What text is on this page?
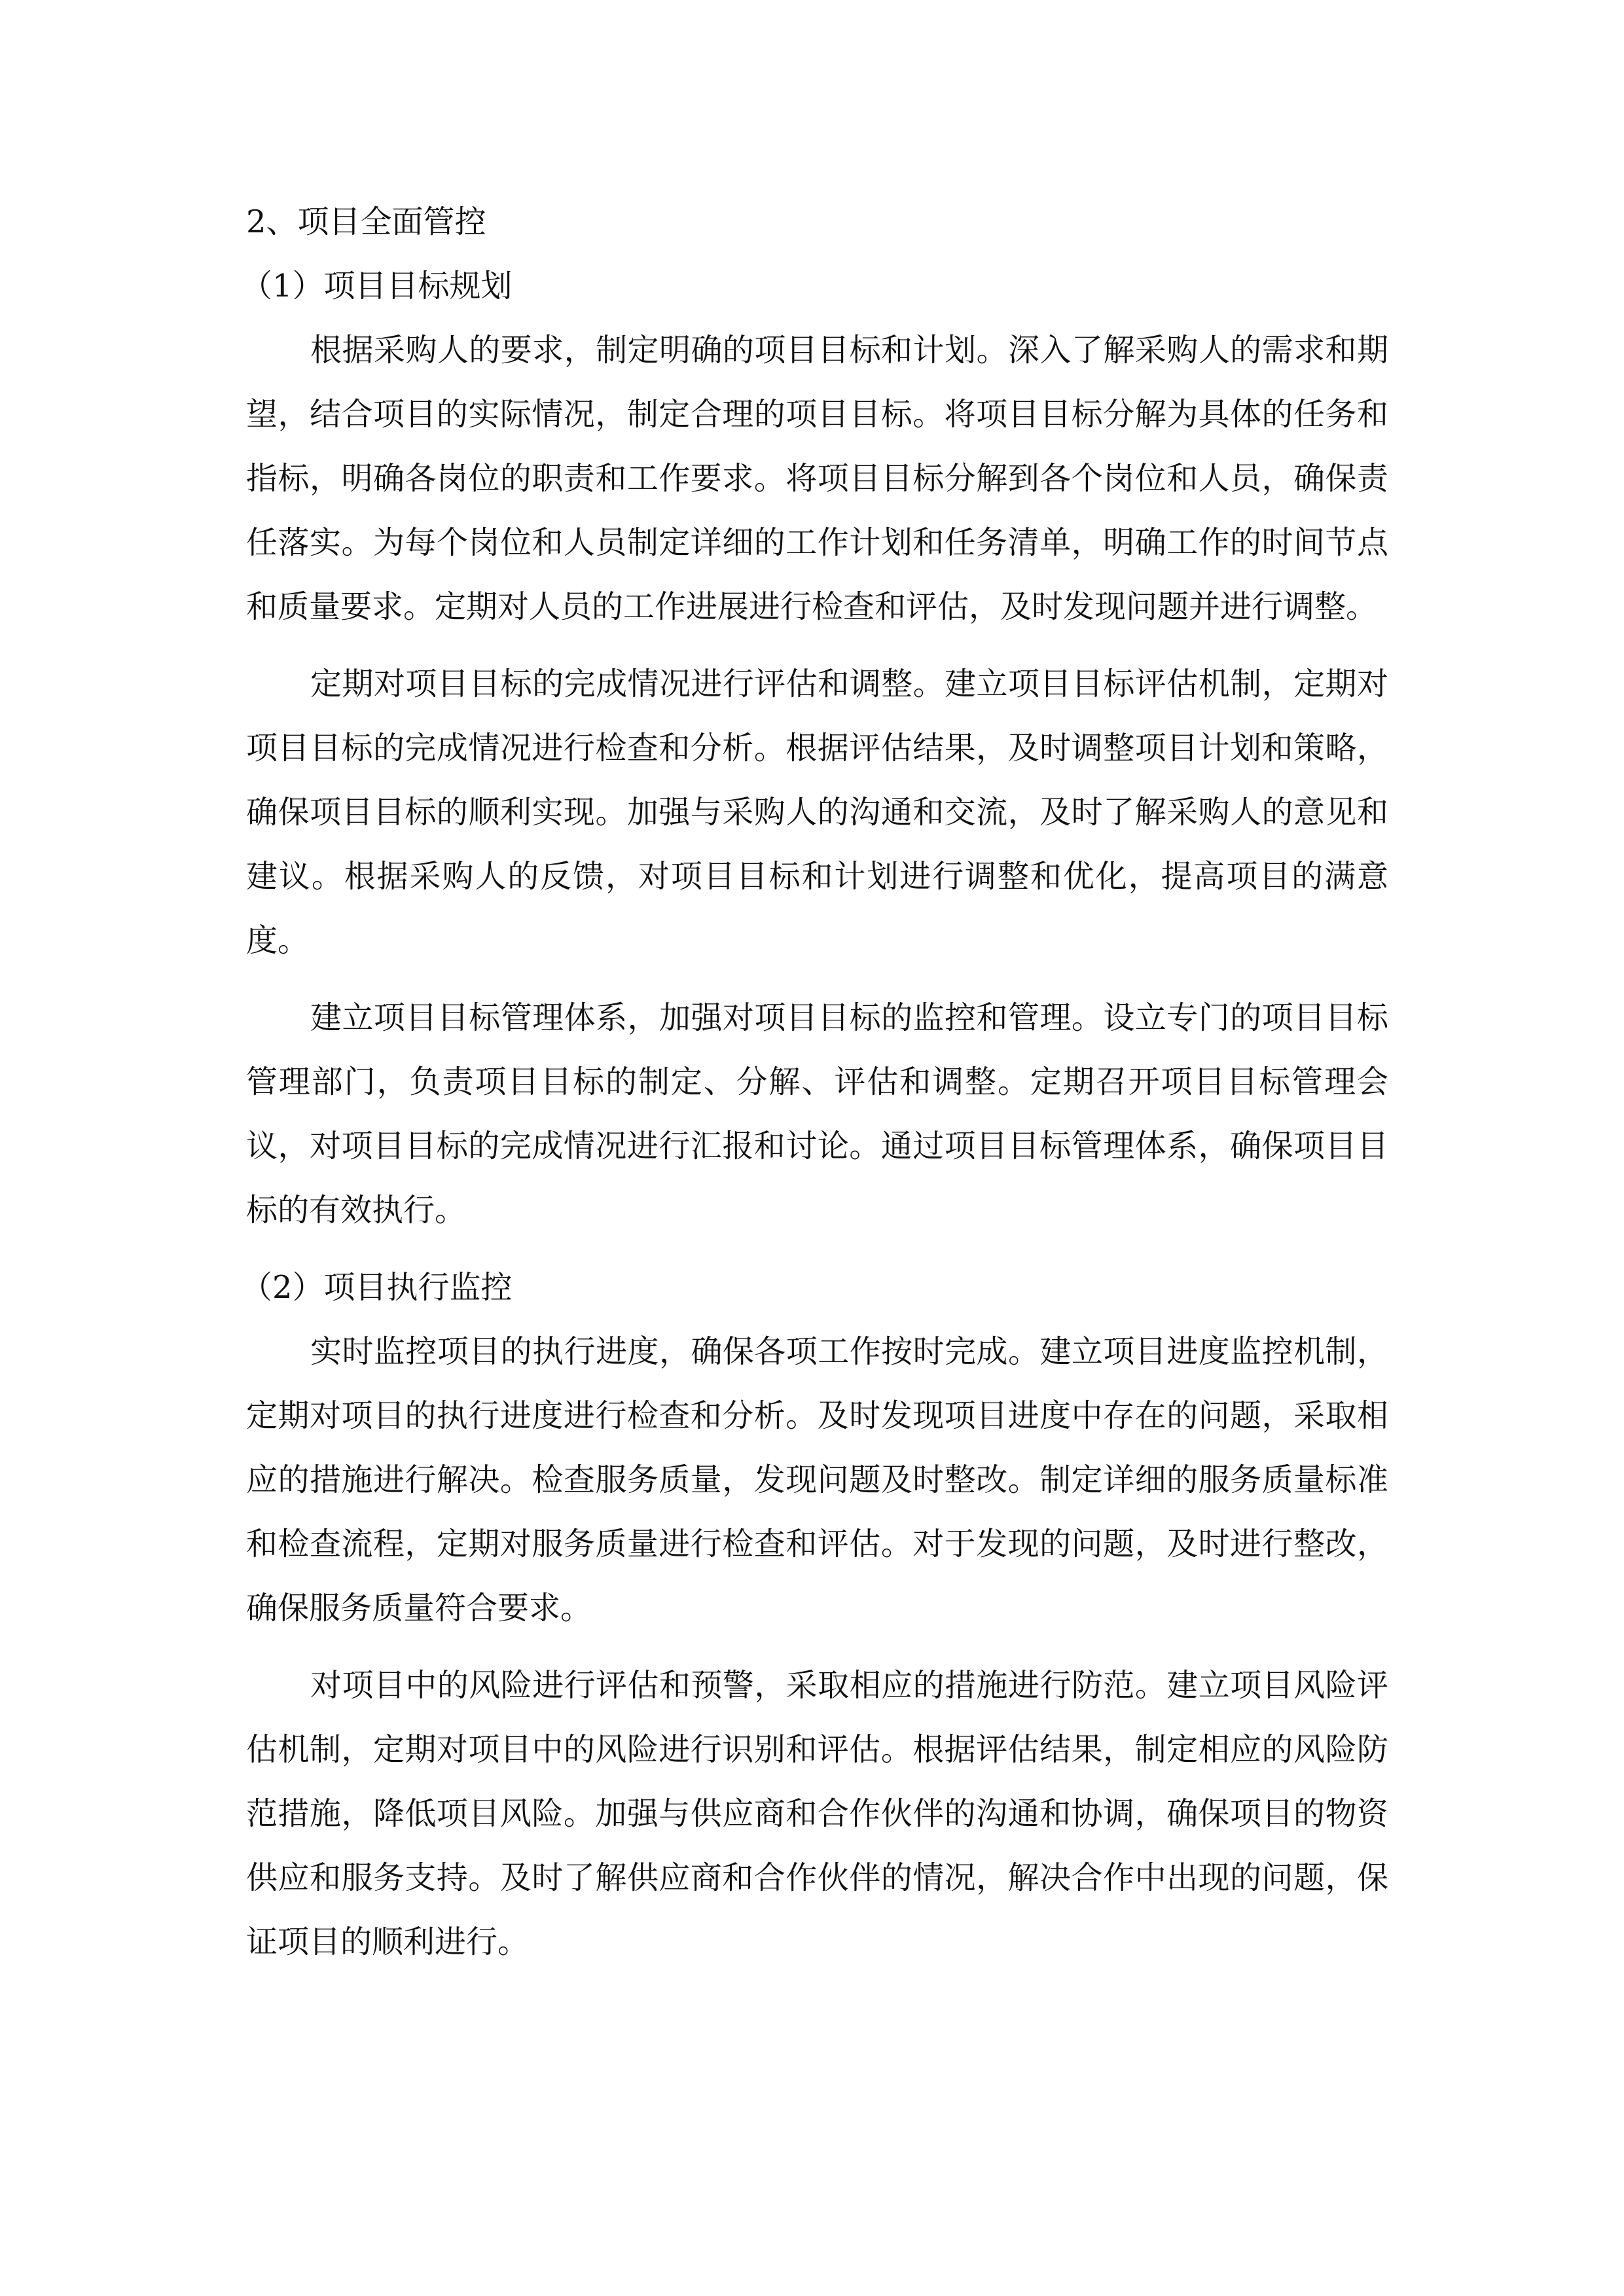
2、项目全面管控

（1）项目目标规划

根据采购人的要求，制定明确的项目目标和计划。深入了解采购人的需求和期望，结合项目的实际情况，制定合理的项目目标。将项目目标分解为具体的任务和指标，明确各岗位的职责和工作要求。将项目目标分解到各个岗位和人员，确保责任落实。为每个岗位和人员制定详细的工作计划和任务清单，明确工作的时间节点和质量要求。定期对人员的工作进展进行检查和评估，及时发现问题并进行调整。

定期对项目目标的完成情况进行评估和调整。建立项目目标评估机制，定期对项目目标的完成情况进行检查和分析。根据评估结果，及时调整项目计划和策略，确保项目目标的顺利实现。加强与采购人的沟通和交流，及时了解采购人的意见和建议。根据采购人的反馈，对项目目标和计划进行调整和优化，提高项目的满意度。

建立项目目标管理体系，加强对项目目标的监控和管理。设立专门的项目目标管理部门，负责项目目标的制定、分解、评估和调整。定期召开项目目标管理会议，对项目目标的完成情况进行汇报和讨论。通过项目目标管理体系，确保项目目标的有效执行。

（2）项目执行监控

实时监控项目的执行进度，确保各项工作按时完成。建立项目进度监控机制，定期对项目的执行进度进行检查和分析。及时发现项目进度中存在的问题，采取相应的措施进行解决。检查服务质量，发现问题及时整改。制定详细的服务质量标准和检查流程，定期对服务质量进行检查和评估。对于发现的问题，及时进行整改，确保服务质量符合要求。

对项目中的风险进行评估和预警，采取相应的措施进行防范。建立项目风险评估机制，定期对项目中的风险进行识别和评估。根据评估结果，制定相应的风险防范措施，降低项目风险。加强与供应商和合作伙伴的沟通和协调，确保项目的物资供应和服务支持。及时了解供应商和合作伙伴的情况，解决合作中出现的问题，保证项目的顺利进行。
